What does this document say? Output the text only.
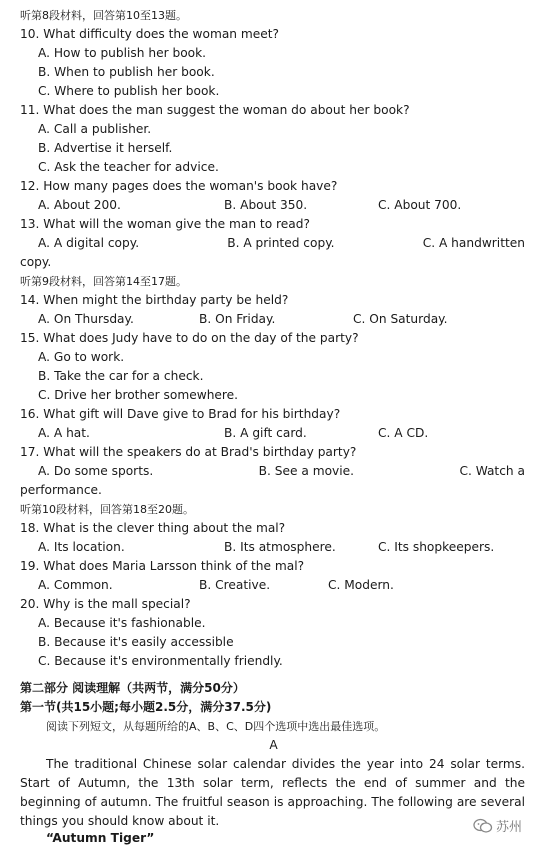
听第8段材料，回答第10至13题。
10. What difficulty does the woman meet?
A. How to publish her book.
B. When to publish her book.
C. Where to publish her book.
11. What does the man suggest the woman do about her book?
A. Call a publisher.
B. Advertise it herself.
C. Ask the teacher for advice.
12. How many pages does the woman's book have?
A. About 200.	B. About 350.	C. About 700.
13. What will the woman give the man to read?
A. A digital copy.	B. A printed copy.	C. A handwritten
copy.
听第9段材料，回答第14至17题。
14. When might the birthday party be held?
A. On Thursday.	B. On Friday.	C. On Saturday.
15. What does Judy have to do on the day of the party?
A. Go to work.
B. Take the car for a check.
C. Drive her brother somewhere.
16. What gift will Dave give to Brad for his birthday?
A. A hat.	B. A gift card.	C. A CD.
17. What will the speakers do at Brad's birthday party?
A. Do some sports.	B. See a movie.	C. Watch a
performance.
听第10段材料，回答第18至20题。
18. What is the clever thing about the mal?
A. Its location.	B. Its atmosphere.	C. Its shopkeepers.
19. What does Maria Larsson think of the mal?
A. Common.	B. Creative.	C. Modern.
20. Why is the mall special?
A. Because it's fashionable.
B. Because it's easily accessible
C. Because it's environmentally friendly.
第二部分 阅读理解（共两节，满分50分）
第一节(共15小题;每小题2.5分，满分37.5分)
阅读下列短文，从每题所给的A、B、C、D四个选项中选出最佳选项。
A
The traditional Chinese solar calendar divides the year into 24 solar terms. Start of Autumn, the 13th solar term, reflects the end of summer and the beginning of autumn. The fruitful season is approaching. The following are several things you should know about it.
“Autumn Tiger”
苏州
